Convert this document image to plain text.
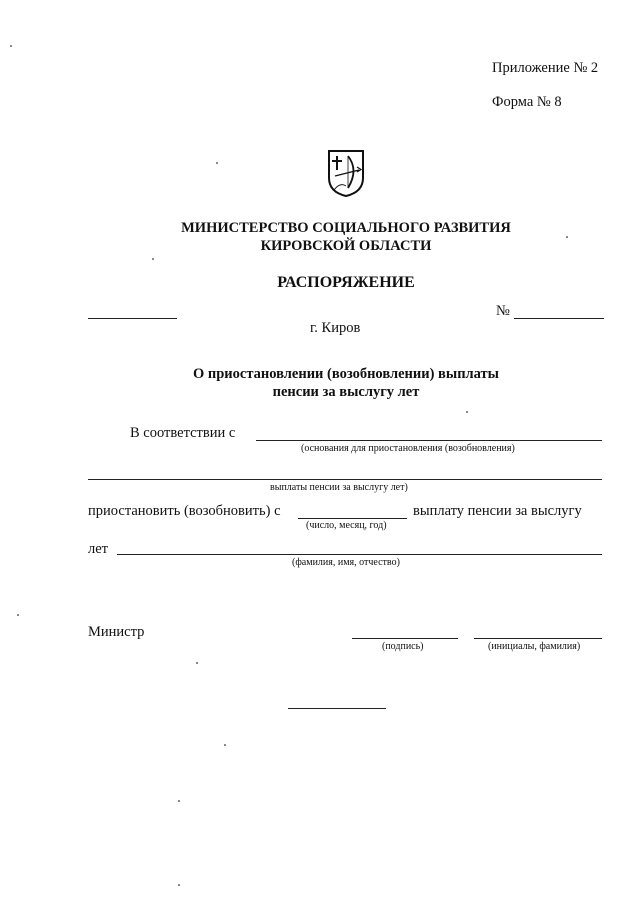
Приложение № 2
Форма № 8
МИНИСТЕРСТВО СОЦИАЛЬНОГО РАЗВИТИЯ
КИРОВСКОЙ ОБЛАСТИ
РАСПОРЯЖЕНИЕ
№
г. Киров
О приостановлении (возобновлении) выплаты
пенсии за выслугу лет
В соответствии с
(основания для приостановления (возобновления)
выплаты пенсии за выслугу лет)
приостановить (возобновить) с	выплату пенсии за выслугу
(число, месяц, год)
лет
(фамилия, имя, отчество)
Министр
(подпись)	(инициалы, фамилия)
